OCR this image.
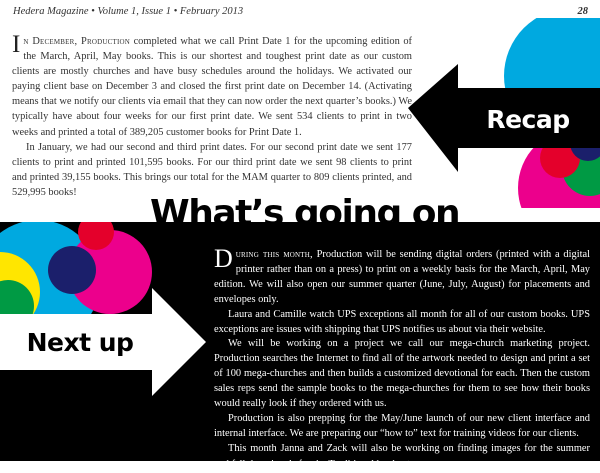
Hedera Magazine • Volume 1, Issue 1 • February 2013	28
Recap

In December, Production completed what we call Print Date 1 for the upcoming edition of the March, April, May books. This is our shortest and toughest print date as our custom clients are mostly churches and have busy schedules around the holidays. We activated our paying client base on December 3 and closed the first print date on December 14. (Activating means that we notify our clients via email that they can now order the next quarter’s books.) We typically have about four weeks for our first print date. We sent 534 clients to print in two weeks and printed a total of 389,205 customer books for Print Date 1.

In January, we had our second and third print dates. For our second print date we sent 177 clients to print and printed 101,595 books. For our third print date we sent 98 clients to print and printed 39,155 books. This brings our total for the MAM quarter to 809 clients printed, and 529,995 books!

Next up
What’s going on

During this month, Production will be sending digital orders (printed with a digital printer rather than on a press) to print on a weekly basis for the March, April, May edition. We will also open our summer quarter (June, July, August) for placements and envelopes only.

Laura and Camille watch UPS exceptions all month for all of our custom books. UPS exceptions are issues with shipping that UPS notifies us about via their website.

We will be working on a project we call our mega-church marketing project. Production searches the Internet to find all of the artwork needed to design and print a set of 100 mega-churches and then builds a customized devotional for each. Then the custom sales reps send the sample books to the mega-churches for them to see how their books would really look if they ordered with us.

Production is also prepping for the May/June launch of our new client interface and internal interface. We are preparing our “how to” text for training videos for our clients.

This month Janna and Zack will also be working on finding images for the summer and fall devotionals for the Traditional books. ❧
